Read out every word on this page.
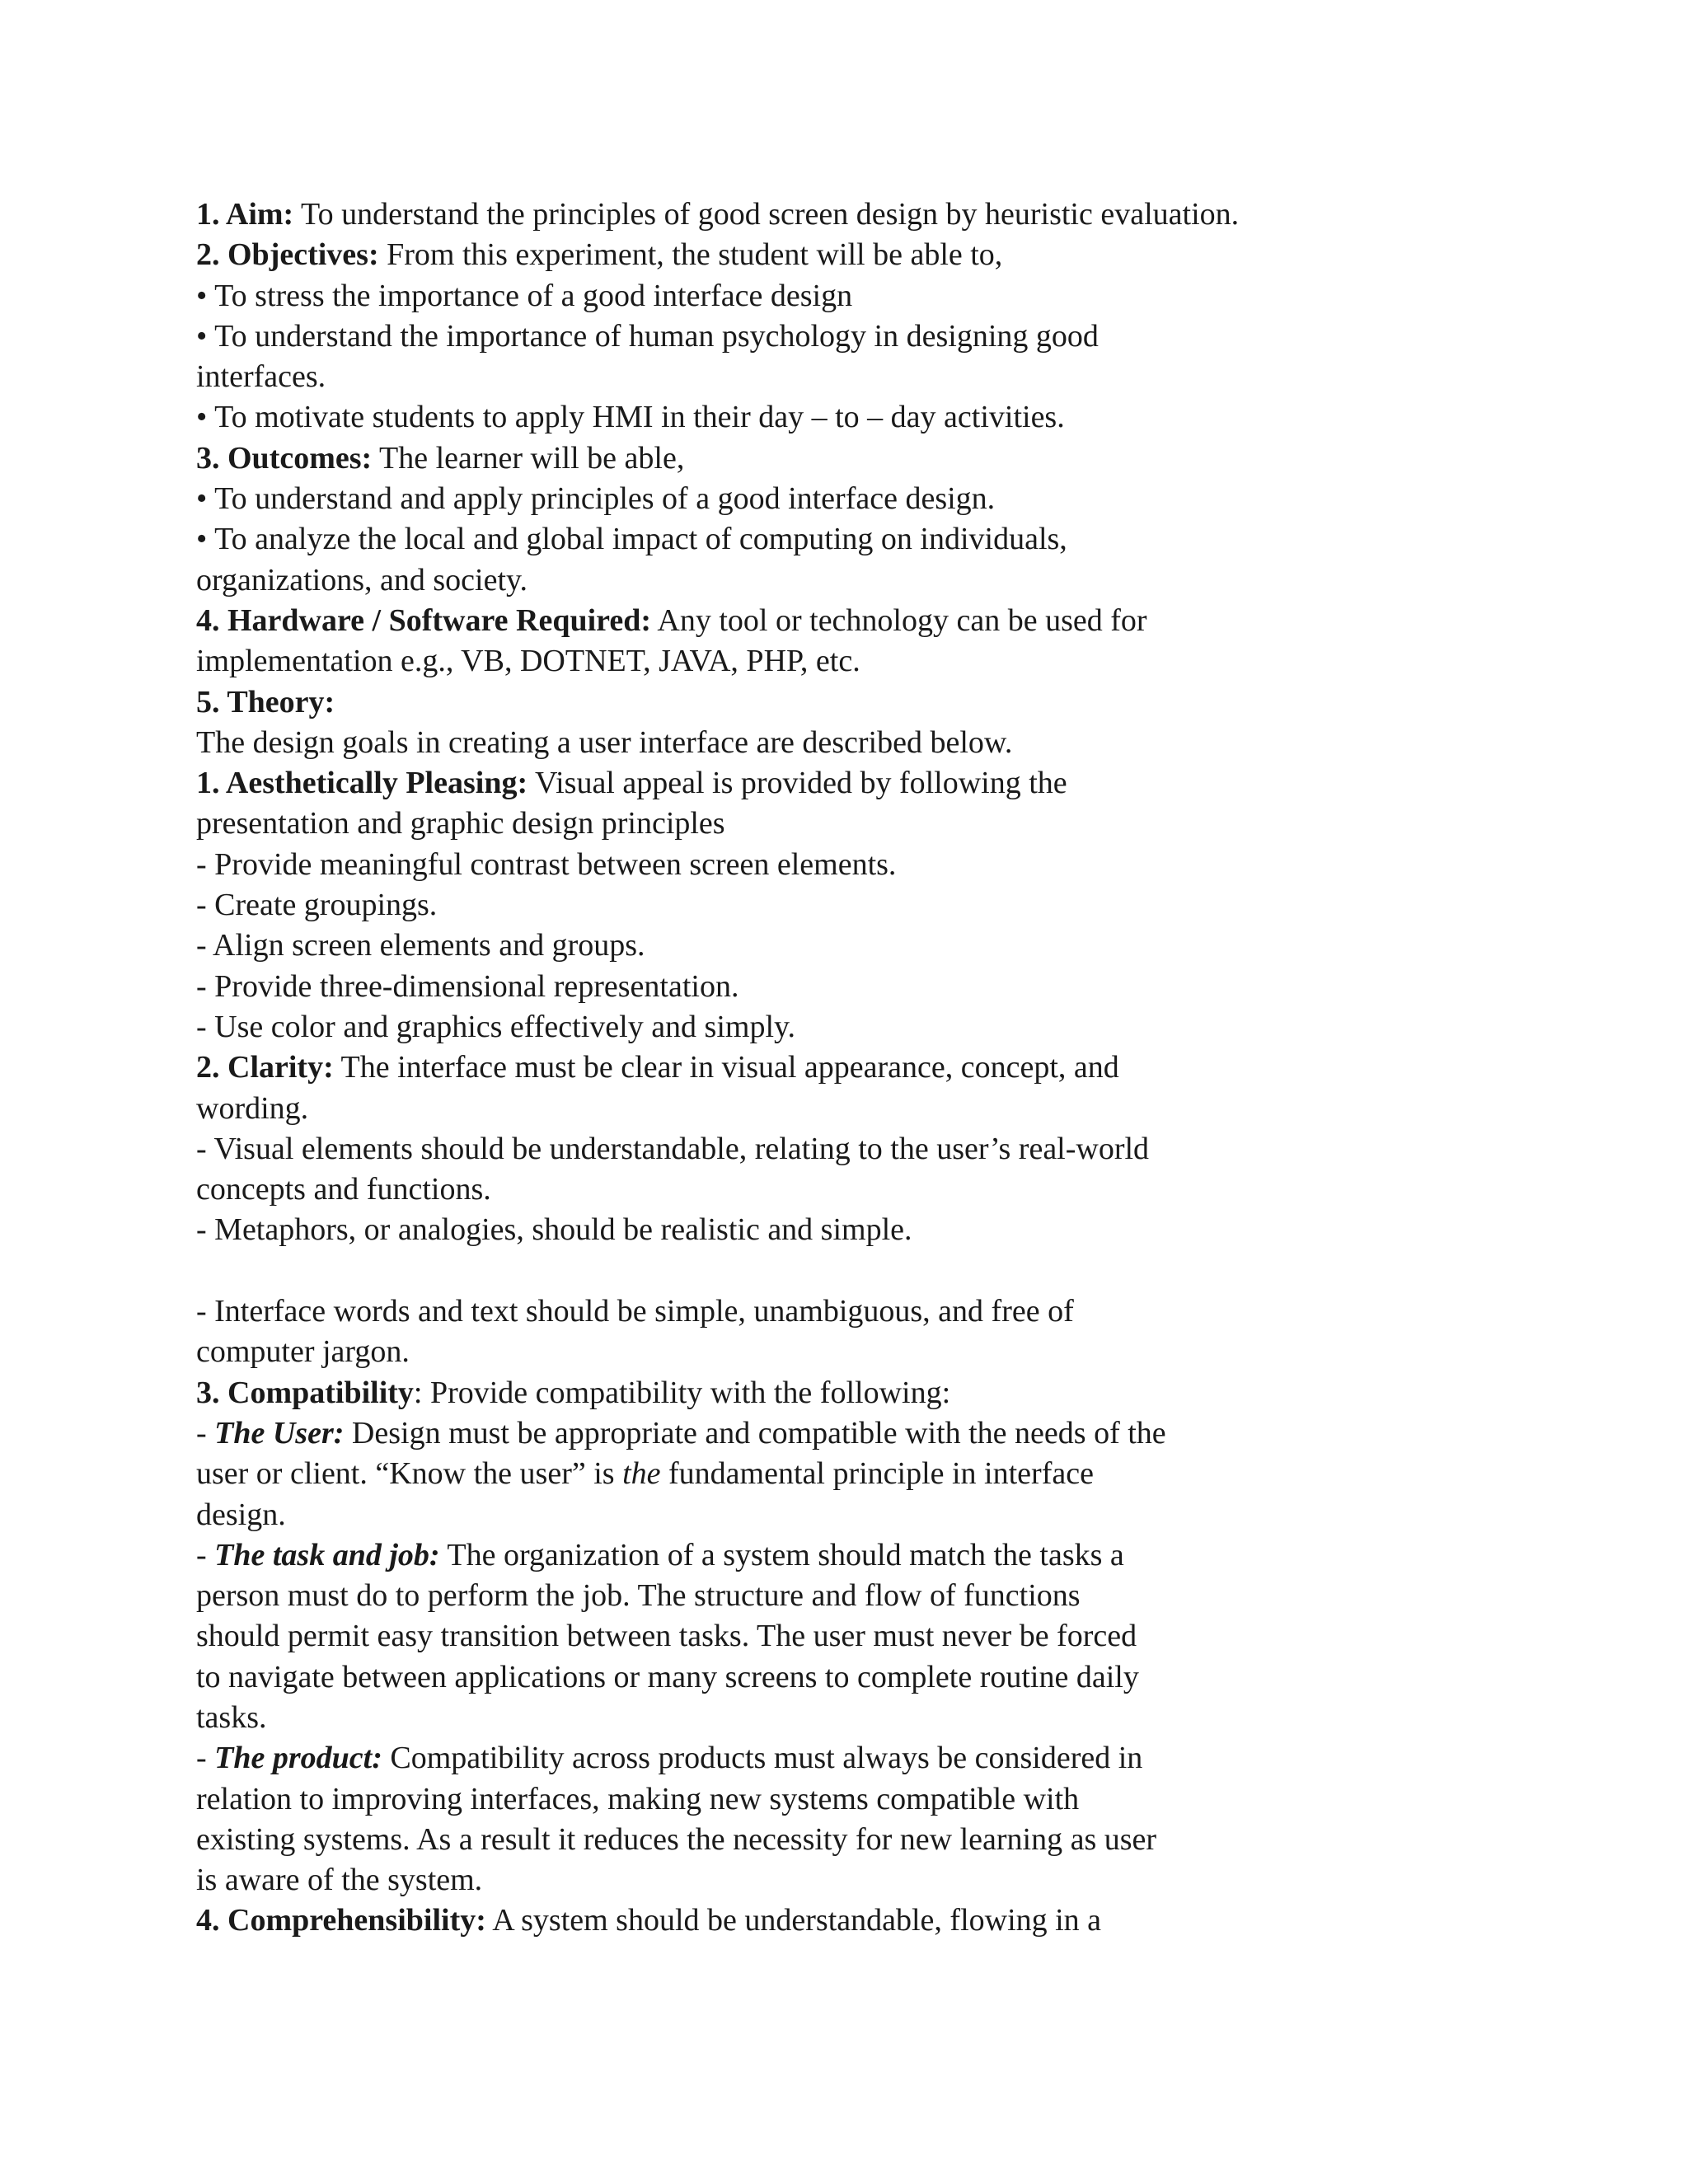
1. Aim: To understand the principles of good screen design by heuristic evaluation.
2. Objectives: From this experiment, the student will be able to,
• To stress the importance of a good interface design
• To understand the importance of human psychology in designing good
interfaces.
• To motivate students to apply HMI in their day – to – day activities.
3. Outcomes: The learner will be able,
• To understand and apply principles of a good interface design.
• To analyze the local and global impact of computing on individuals,
organizations, and society.
4. Hardware / Software Required: Any tool or technology can be used for
implementation e.g., VB, DOTNET, JAVA, PHP, etc.
5. Theory:
The design goals in creating a user interface are described below.
1. Aesthetically Pleasing: Visual appeal is provided by following the
presentation and graphic design principles
- Provide meaningful contrast between screen elements.
- Create groupings.
- Align screen elements and groups.
- Provide three-dimensional representation.
- Use color and graphics effectively and simply.
2. Clarity: The interface must be clear in visual appearance, concept, and
wording.
- Visual elements should be understandable, relating to the user’s real-world
concepts and functions.
- Metaphors, or analogies, should be realistic and simple.
- Interface words and text should be simple, unambiguous, and free of
computer jargon.
3. Compatibility: Provide compatibility with the following:
- The User: Design must be appropriate and compatible with the needs of the
user or client. “Know the user” is the fundamental principle in interface
design.
- The task and job: The organization of a system should match the tasks a
person must do to perform the job. The structure and flow of functions
should permit easy transition between tasks. The user must never be forced
to navigate between applications or many screens to complete routine daily
tasks.
- The product: Compatibility across products must always be considered in
relation to improving interfaces, making new systems compatible with
existing systems. As a result it reduces the necessity for new learning as user
is aware of the system.
4. Comprehensibility: A system should be understandable, flowing in a
